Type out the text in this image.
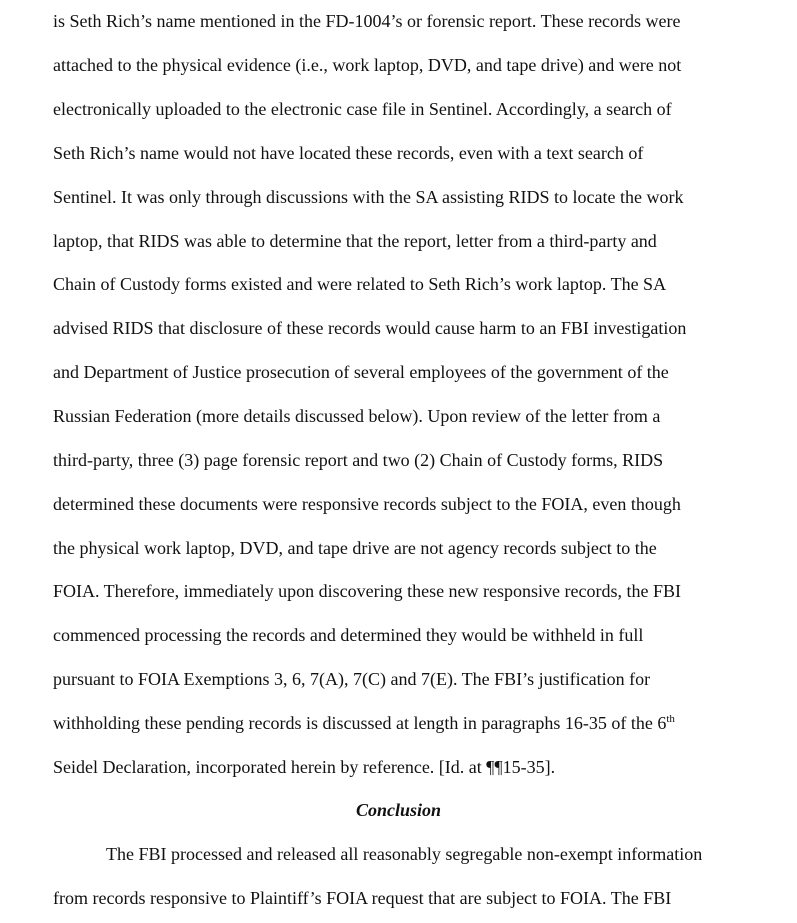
is Seth Rich’s name mentioned in the FD-1004’s or forensic report. These records were
attached to the physical evidence (i.e., work laptop, DVD, and tape drive) and were not
electronically uploaded to the electronic case file in Sentinel. Accordingly, a search of
Seth Rich’s name would not have located these records, even with a text search of
Sentinel. It was only through discussions with the SA assisting RIDS to locate the work
laptop, that RIDS was able to determine that the report, letter from a third-party and
Chain of Custody forms existed and were related to Seth Rich’s work laptop. The SA
advised RIDS that disclosure of these records would cause harm to an FBI investigation
and Department of Justice prosecution of several employees of the government of the
Russian Federation (more details discussed below). Upon review of the letter from a
third-party, three (3) page forensic report and two (2) Chain of Custody forms, RIDS
determined these documents were responsive records subject to the FOIA, even though
the physical work laptop, DVD, and tape drive are not agency records subject to the
FOIA. Therefore, immediately upon discovering these new responsive records, the FBI
commenced processing the records and determined they would be withheld in full
pursuant to FOIA Exemptions 3, 6, 7(A), 7(C) and 7(E). The FBI’s justification for
withholding these pending records is discussed at length in paragraphs 16-35 of the 6th
Seidel Declaration, incorporated herein by reference. [Id. at ¶¶15-35].
Conclusion
The FBI processed and released all reasonably segregable non-exempt information
from records responsive to Plaintiff’s FOIA request that are subject to FOIA. The FBI
